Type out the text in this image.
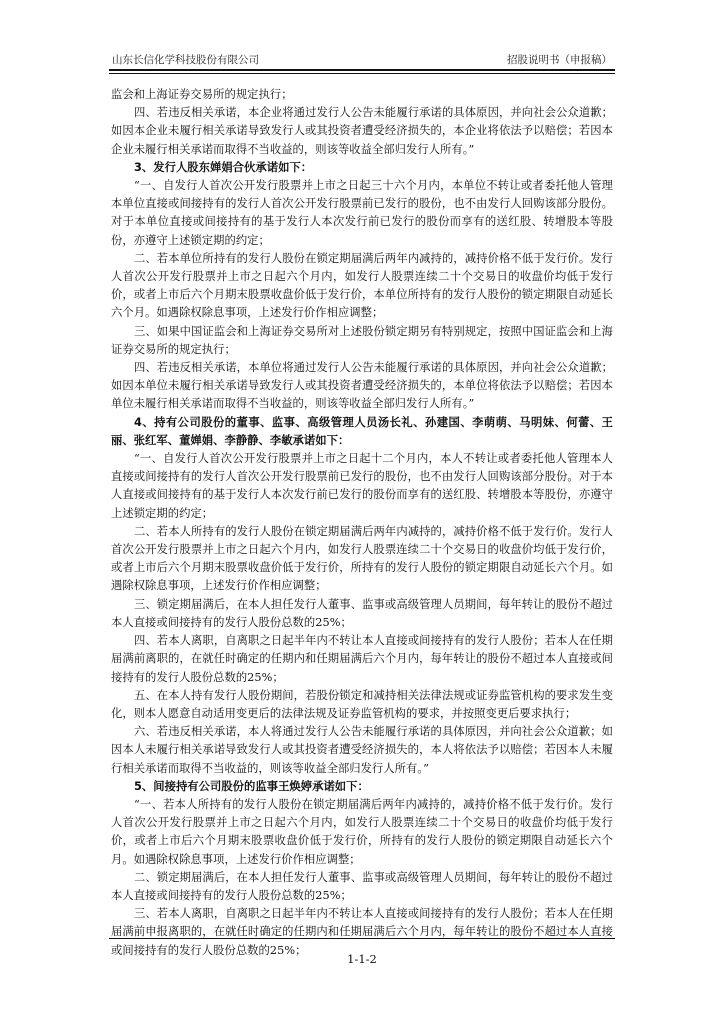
山东长信化学科技股份有限公司	招股说明书（申报稿）

监会和上海证券交易所的规定执行；

四、若违反相关承诺，本企业将通过发行人公告未能履行承诺的具体原因，并向社会公众道歉；如因本企业未履行相关承诺导致发行人或其投资者遭受经济损失的，本企业将依法予以赔偿；若因本企业未履行相关承诺而取得不当收益的，则该等收益全部归发行人所有。”

3、发行人股东婵娟合伙承诺如下：

“一、自发行人首次公开发行股票并上市之日起三十六个月内，本单位不转让或者委托他人管理本单位直接或间接持有的发行人首次公开发行股票前已发行的股份，也不由发行人回购该部分股份。对于本单位直接或间接持有的基于发行人本次发行前已发行的股份而享有的送红股、转增股本等股份，亦遵守上述锁定期的约定；

二、若本单位所持有的发行人股份在锁定期届满后两年内减持的，减持价格不低于发行价。发行人首次公开发行股票并上市之日起六个月内，如发行人股票连续二十个交易日的收盘价均低于发行价，或者上市后六个月期末股票收盘价低于发行价，本单位所持有的发行人股份的锁定期限自动延长六个月。如遇除权除息事项，上述发行价作相应调整；

三、如果中国证监会和上海证券交易所对上述股份锁定期另有特别规定，按照中国证监会和上海证券交易所的规定执行；

四、若违反相关承诺，本单位将通过发行人公告未能履行承诺的具体原因，并向社会公众道歉；如因本单位未履行相关承诺导致发行人或其投资者遭受经济损失的，本单位将依法予以赔偿；若因本单位未履行相关承诺而取得不当收益的，则该等收益全部归发行人所有。”

4、持有公司股份的董事、监事、高级管理人员汤长礼、孙建国、李萌萌、马明妹、何蕾、王丽、张红军、董婵娟、李静静、李敏承诺如下：

“一、自发行人首次公开发行股票并上市之日起十二个月内，本人不转让或者委托他人管理本人直接或间接持有的发行人首次公开发行股票前已发行的股份，也不由发行人回购该部分股份。对于本人直接或间接持有的基于发行人本次发行前已发行的股份而享有的送红股、转增股本等股份，亦遵守上述锁定期的约定；

二、若本人所持有的发行人股份在锁定期届满后两年内减持的，减持价格不低于发行价。发行人首次公开发行股票并上市之日起六个月内，如发行人股票连续二十个交易日的收盘价均低于发行价，或者上市后六个月期末股票收盘价低于发行价，所持有的发行人股份的锁定期限自动延长六个月。如遇除权除息事项，上述发行价作相应调整；

三、锁定期届满后，在本人担任发行人董事、监事或高级管理人员期间，每年转让的股份不超过本人直接或间接持有的发行人股份总数的25%；

四、若本人离职，自离职之日起半年内不转让本人直接或间接持有的发行人股份；若本人在任期届满前离职的，在就任时确定的任期内和任期届满后六个月内，每年转让的股份不超过本人直接或间接持有的发行人股份总数的25%；

五、在本人持有发行人股份期间，若股份锁定和减持相关法律法规或证券监管机构的要求发生变化，则本人愿意自动适用变更后的法律法规及证券监管机构的要求，并按照变更后要求执行；

六、若违反相关承诺，本人将通过发行人公告未能履行承诺的具体原因，并向社会公众道歉；如因本人未履行相关承诺导致发行人或其投资者遭受经济损失的，本人将依法予以赔偿；若因本人未履行相关承诺而取得不当收益的，则该等收益全部归发行人所有。”

5、间接持有公司股份的监事王焕婷承诺如下：

“一、若本人所持有的发行人股份在锁定期届满后两年内减持的，减持价格不低于发行价。发行人首次公开发行股票并上市之日起六个月内，如发行人股票连续二十个交易日的收盘价均低于发行价，或者上市后六个月期末股票收盘价低于发行价，所持有的发行人股份的锁定期限自动延长六个月。如遇除权除息事项，上述发行价作相应调整；

二、锁定期届满后，在本人担任发行人董事、监事或高级管理人员期间，每年转让的股份不超过本人直接或间接持有的发行人股份总数的25%；

三、若本人离职，自离职之日起半年内不转让本人直接或间接持有的发行人股份；若本人在任期届满前申报离职的，在就任时确定的任期内和任期届满后六个月内，每年转让的股份不超过本人直接或间接持有的发行人股份总数的25%；

1-1-2
